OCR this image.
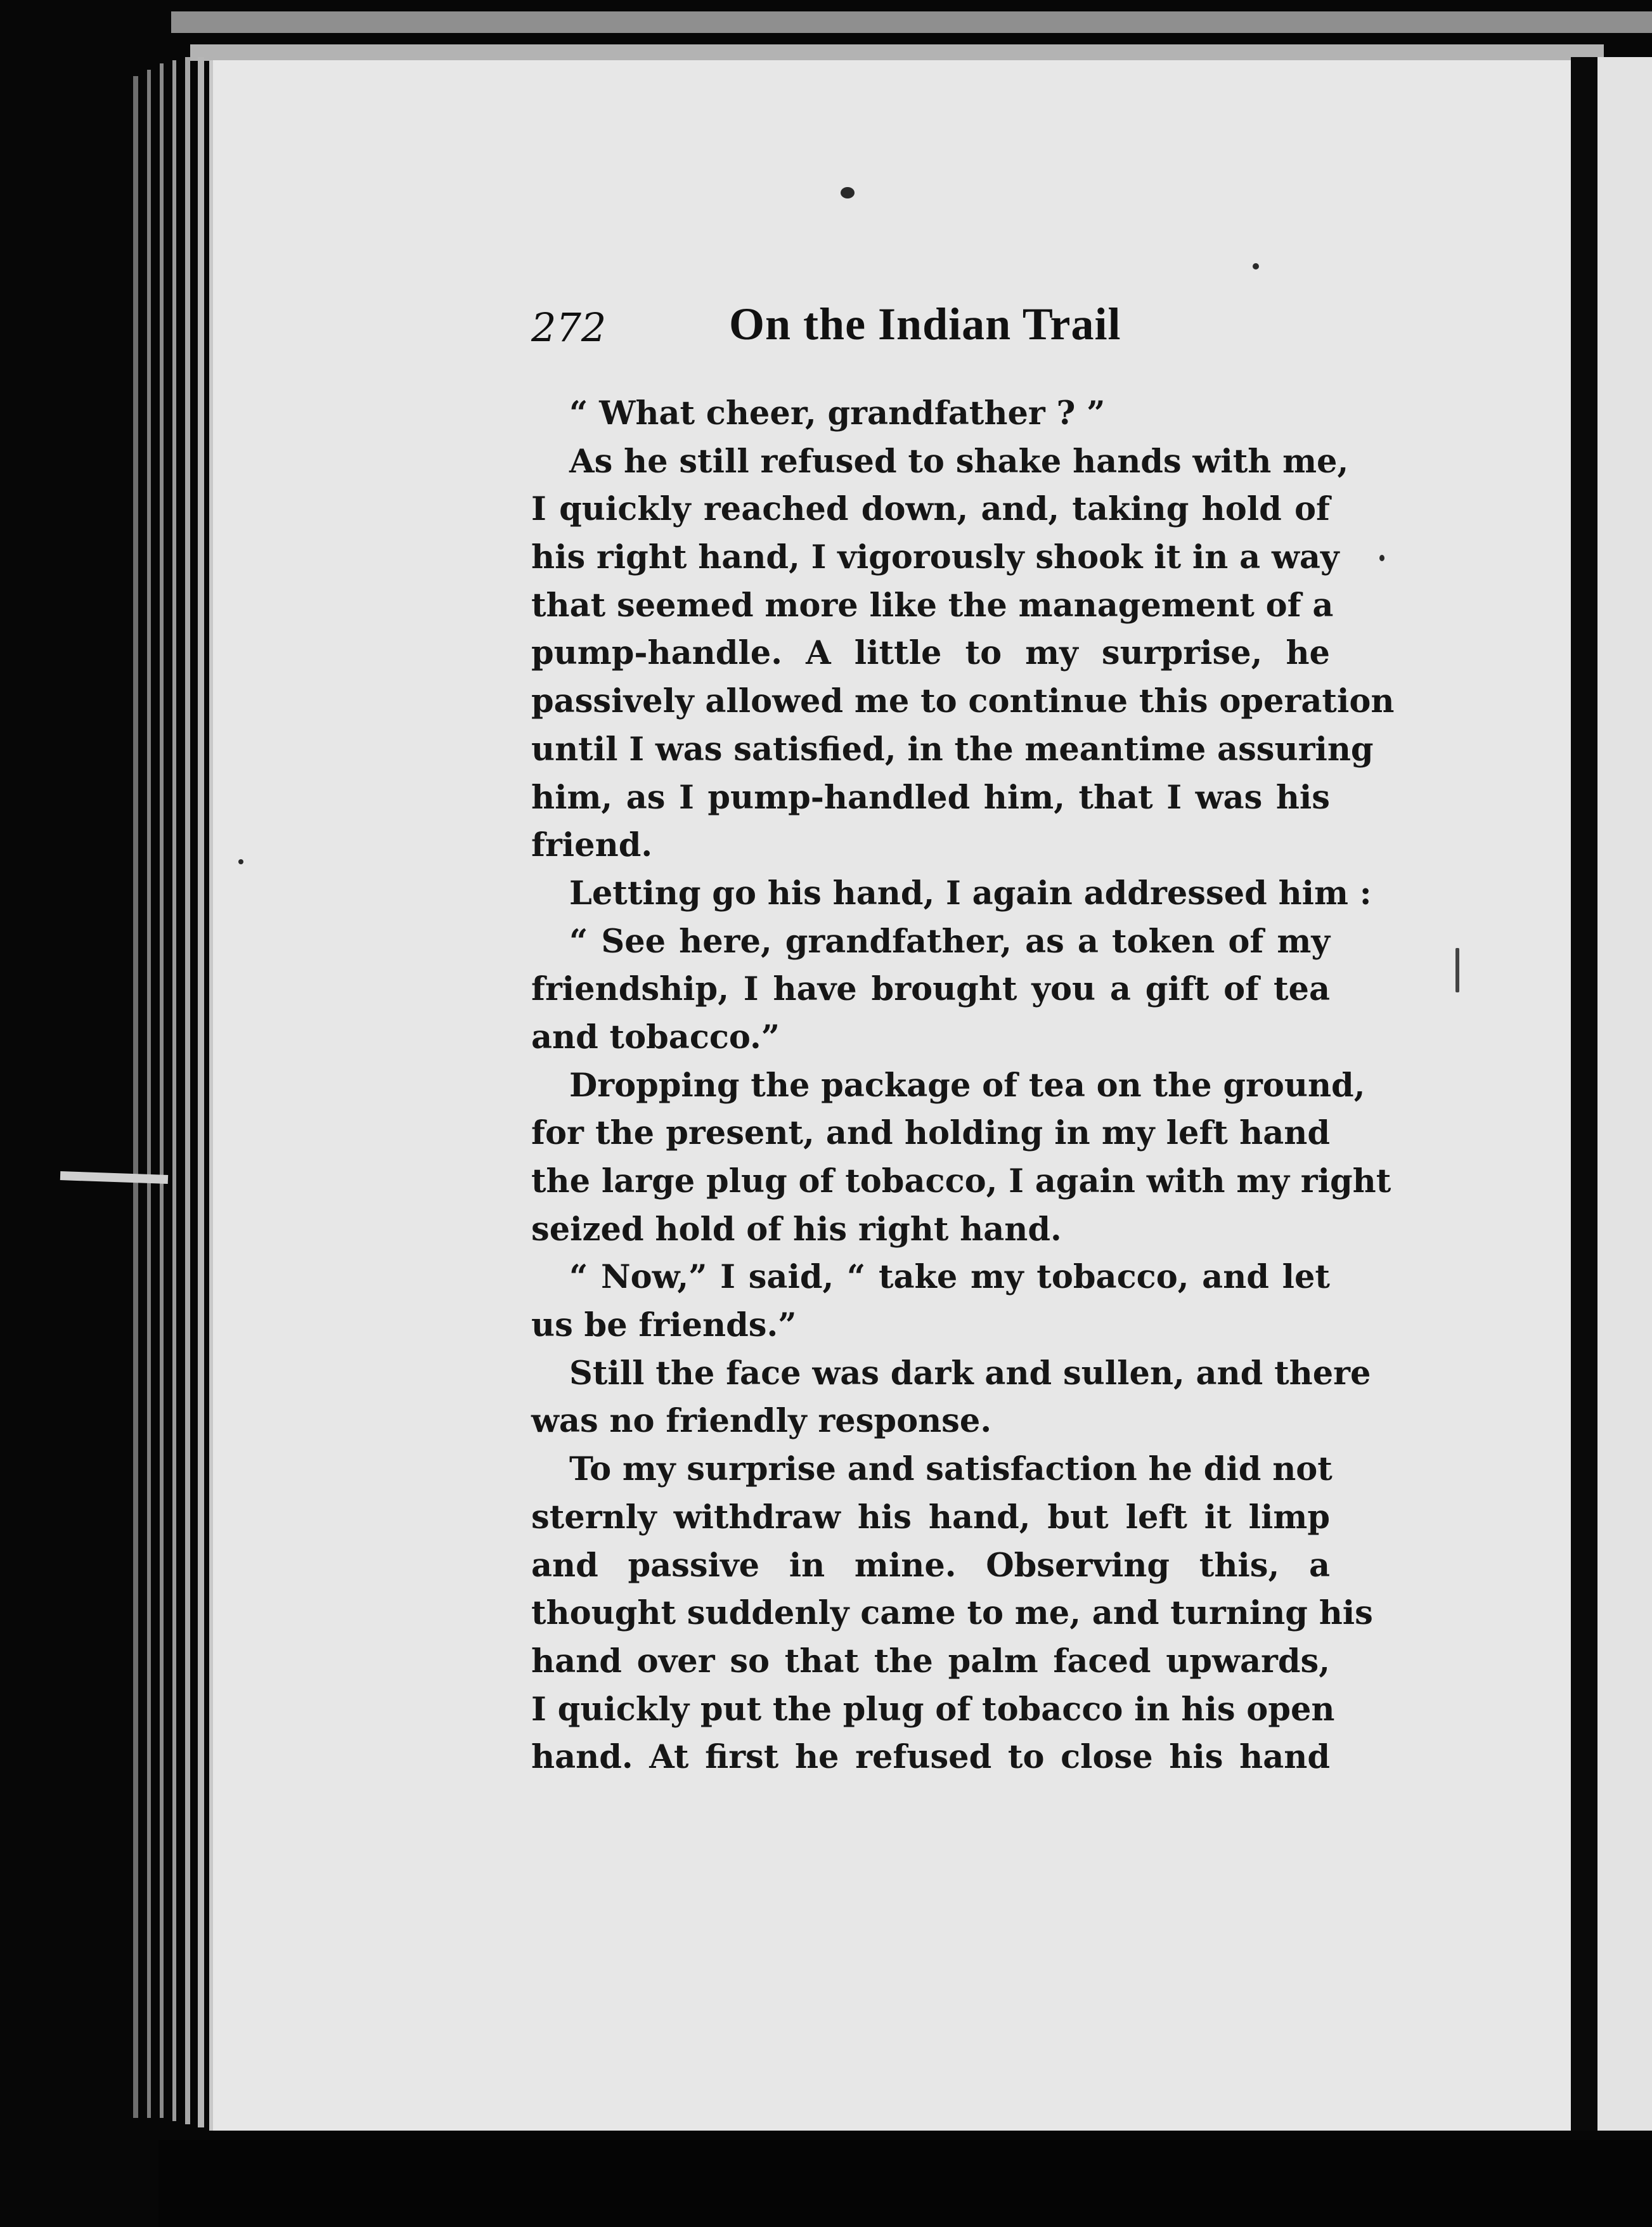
272	On the Indian Trail
“ What cheer, grandfather ? ”
As he still refused to shake hands with me,
I quickly reached down, and, taking hold of
his right hand, I vigorously shook it in a way
that seemed more like the management of a
pump-handle. A little to my surprise, he
passively allowed me to continue this operation
until I was satisfied, in the meantime assuring
him, as I pump-handled him, that I was his
friend.
Letting go his hand, I again addressed him :
“ See here, grandfather, as a token of my
friendship, I have brought you a gift of tea
and tobacco.”
Dropping the package of tea on the ground,
for the present, and holding in my left hand
the large plug of tobacco, I again with my right
seized hold of his right hand.
“ Now,” I said, “ take my tobacco, and let
us be friends.”
Still the face was dark and sullen, and there
was no friendly response.
To my surprise and satisfaction he did not
sternly withdraw his hand, but left it limp
and passive in mine. Observing this, a
thought suddenly came to me, and turning his
hand over so that the palm faced upwards,
I quickly put the plug of tobacco in his open
hand. At first he refused to close his hand
